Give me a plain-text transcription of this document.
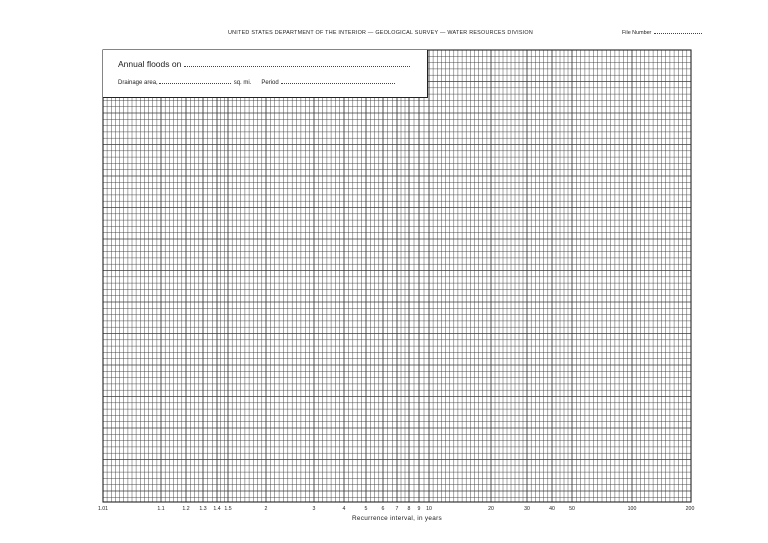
UNITED STATES DEPARTMENT OF THE INTERIOR — GEOLOGICAL SURVEY — WATER RESOURCES DIVISION	File Number
Annual floods on
Drainage area,	sq. mi. Period
1.01	1.1	1.2 1.3 1.4 1.5	2	3	4	5	6 7 8 9 10	20	30	40	50	100	200
Recurrence interval, in years
